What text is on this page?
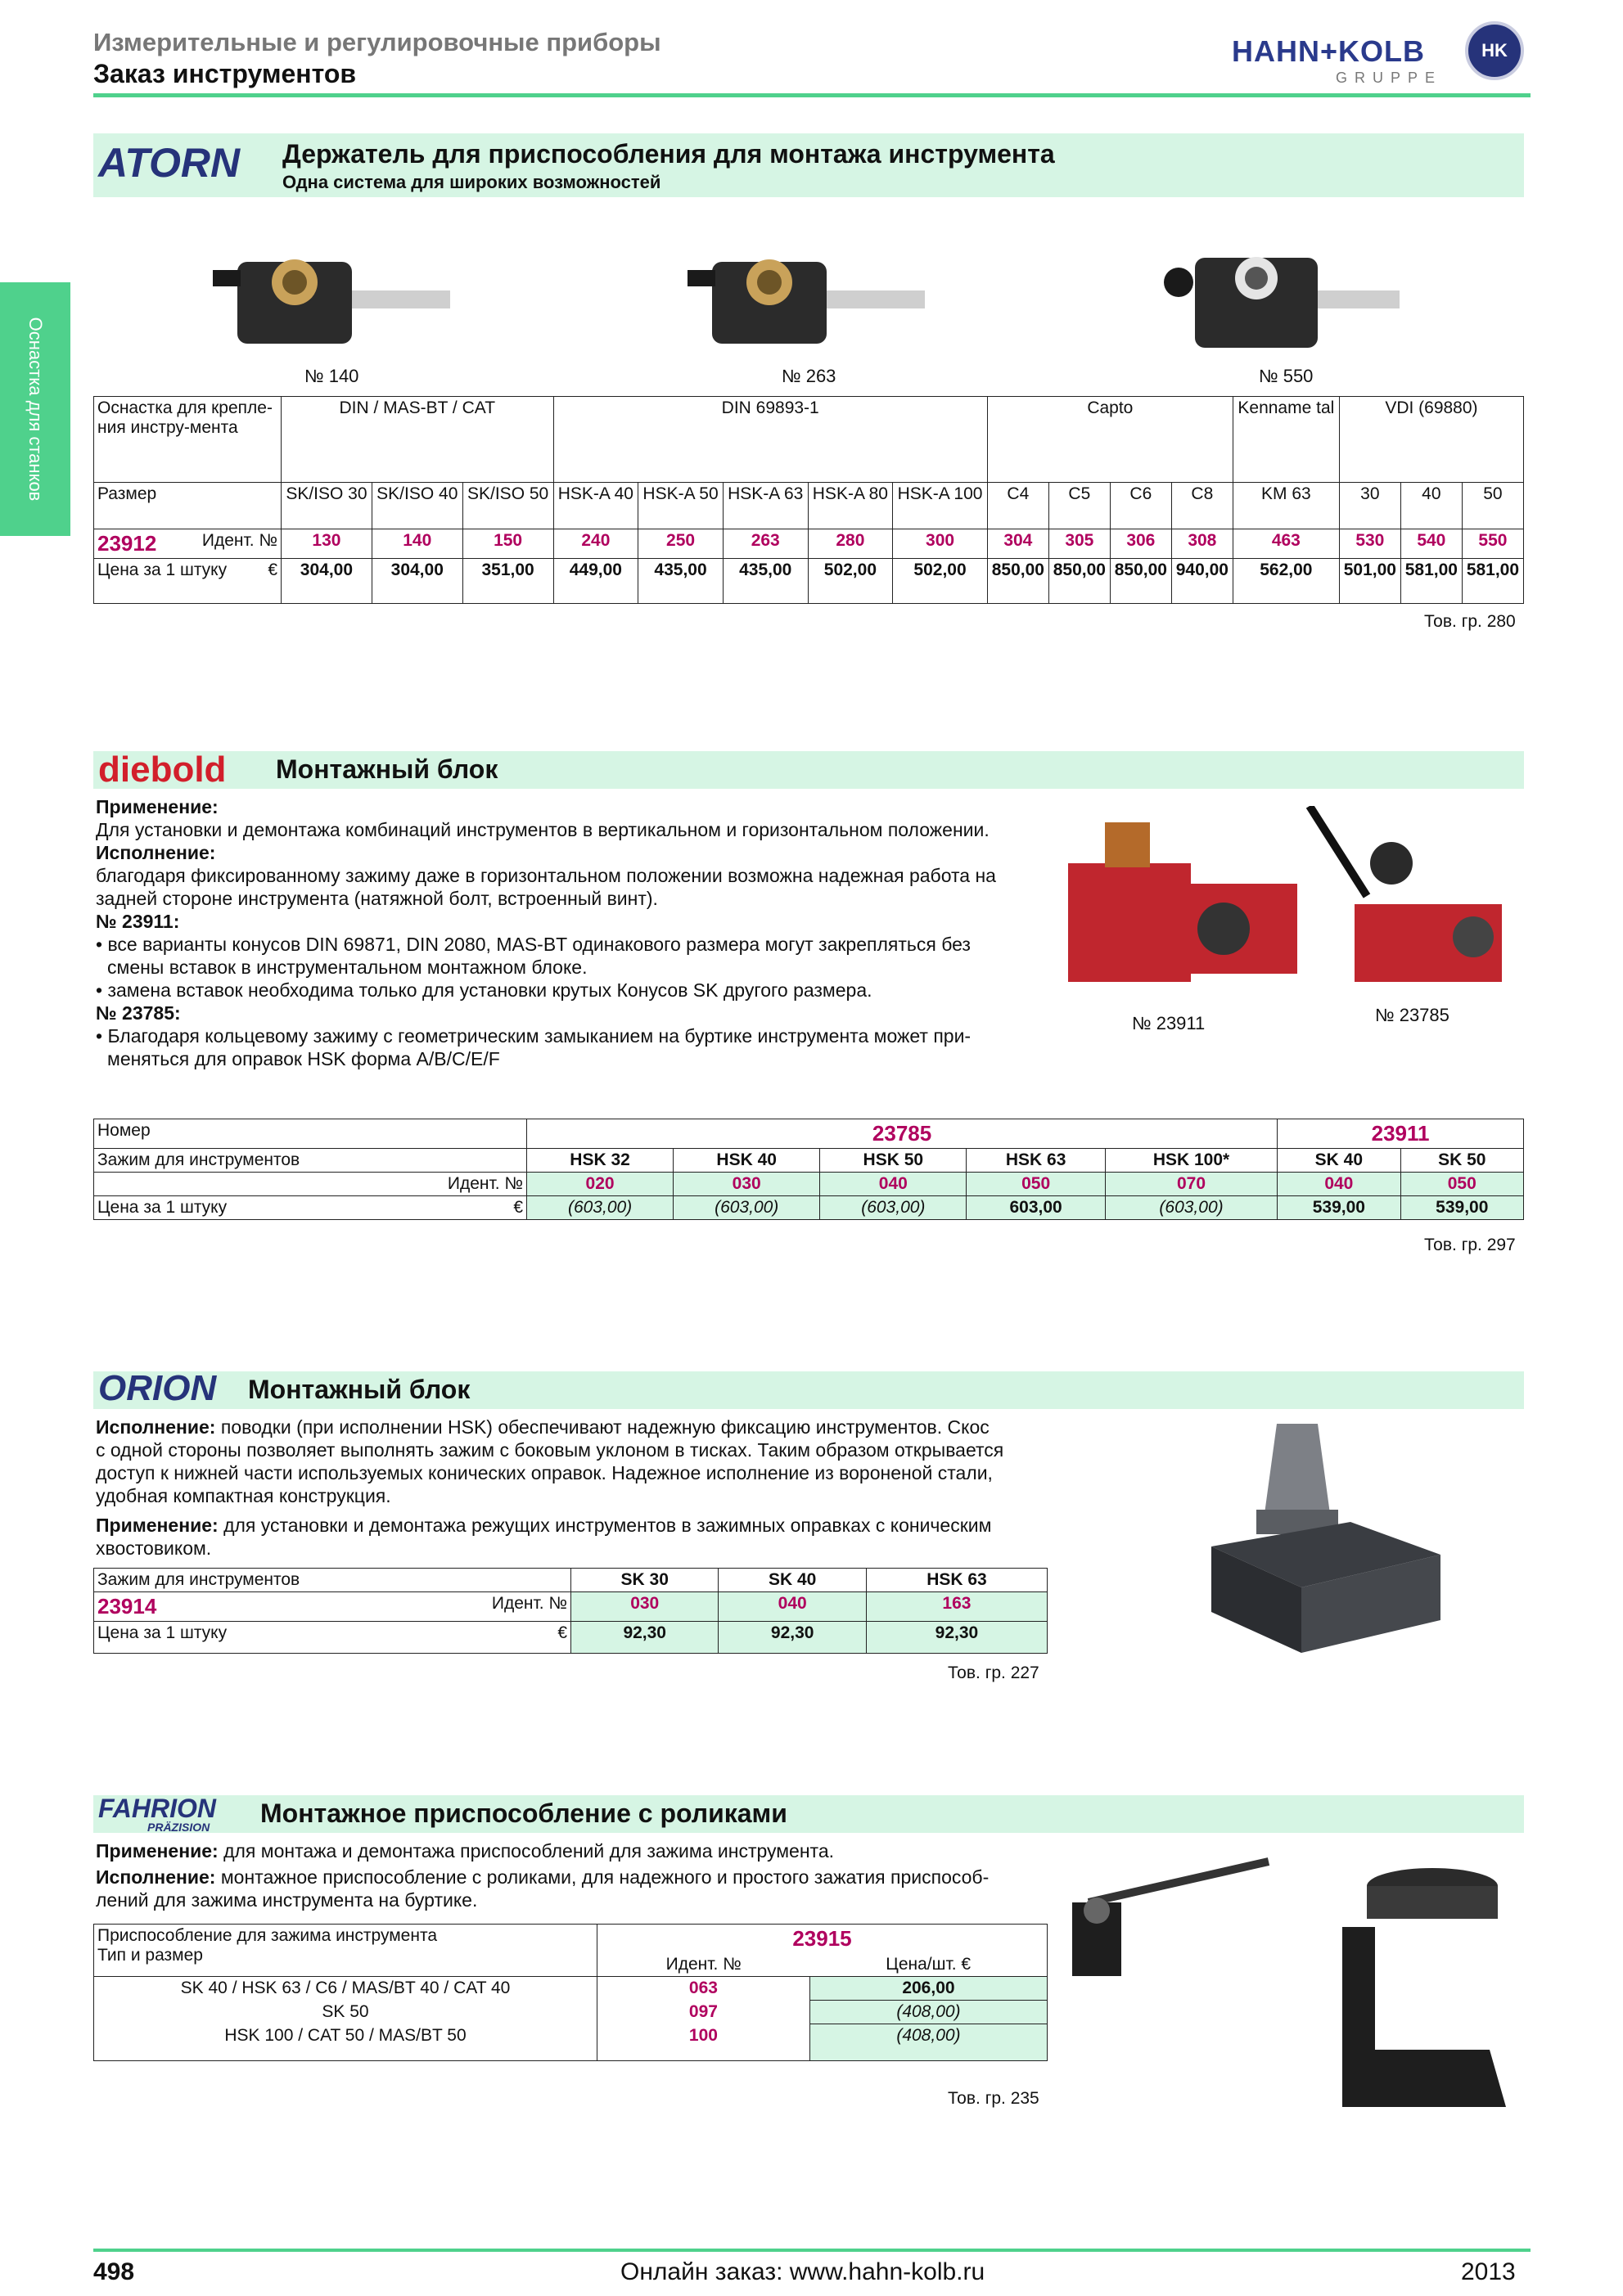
Измерительные и регулировочные приборы
Заказ инструментов
HAHN+KOLB
GRUPPE
HK
Оснастка для станков
ATORN Держатель для приспособления для монтажа инструмента
Одна система для широких возможностей
№ 140	№ 263	№ 550
Оснастка для крепле-ния инстру-мента	DIN / MAS-BT / CAT			DIN 69893-1					Capto				Kenname tal	VDI (69880)		
Размер	SK/ISO 30	SK/ISO 40	SK/ISO 50	HSK-A 40	HSK-A 50	HSK-A 63	HSK-A 80	HSK-A 100	C4	C5	C6	C8	KM 63	30	40	50
23912 Идент. №	130	140	150	240	250	263	280	300	304	305	306	308	463	530	540	550
Цена за 1 штуку €	304,00	304,00	351,00	449,00	435,00	435,00	502,00	502,00	850,00	850,00	850,00	940,00	562,00	501,00	581,00	581,00
Тов. гр. 280
diebold Монтажный блок
Применение:
Для установки и демонтажа комбинаций инструментов в вертикальном и горизонтальном положении.
Исполнение:
благодаря фиксированному зажиму даже в горизонтальном положении возможна надежная работа на
задней стороне инструмента (натяжной болт, встроенный винт).
№ 23911:
• все варианты конусов DIN 69871, DIN 2080, MAS-BT одинакового размера могут закрепляться без
смены вставок в инструментальном монтажном блоке.
• замена вставок необходима только для установки крутых Конусов SK другого размера.
№ 23785:
• Благодаря кольцевому зажиму с геометрическим замыканием на буртике инструмента может при-
меняться для оправок HSK форма A/B/C/E/F
№ 23911	№ 23785
Номер	23785					23911	
Зажим для инструментов	HSK 32	HSK 40	HSK 50	HSK 63	HSK 100*	SK 40	SK 50
Идент. №	020	030	040	050	070	040	050
Цена за 1 штуку €	(603,00)	(603,00)	(603,00)	603,00	(603,00)	539,00	539,00
Тов. гр. 297
ORION Монтажный блок
Исполнение: поводки (при исполнении HSK) обеспечивают надежную фиксацию инструментов. Скос
с одной стороны позволяет выполнять зажим с боковым уклоном в тисках. Таким образом открывается
доступ к нижней части используемых конических оправок. Надежное исполнение из вороненой стали,
удобная компактная конструкция.
Применение: для установки и демонтажа режущих инструментов в зажимных оправках с коническим
хвостовиком.
Зажим для инструментов	SK 30	SK 40	HSK 63
23914 Идент. №	030	040	163
Цена за 1 штуку €	92,30	92,30	92,30
Тов. гр. 227
FAHRION
PRÄZISION Монтажное приспособление с роликами
Применение: для монтажа и демонтажа приспособлений для зажима инструмента.
Исполнение: монтажное приспособление с роликами, для надежного и простого зажатия приспособ-
лений для зажима инструмента на буртике.
Приспособление для зажима инструмента
Тип и размер	23915	
	Идент. №	Цена/шт. €
SK 40 / HSK 63 / C6 / MAS/BT 40 / CAT 40	063	206,00
SK 50	097	(408,00)
HSK 100 / CAT 50 / MAS/BT 50	100	(408,00)
Тов. гр. 235
498	Онлайн заказ: www.hahn-kolb.ru	2013
